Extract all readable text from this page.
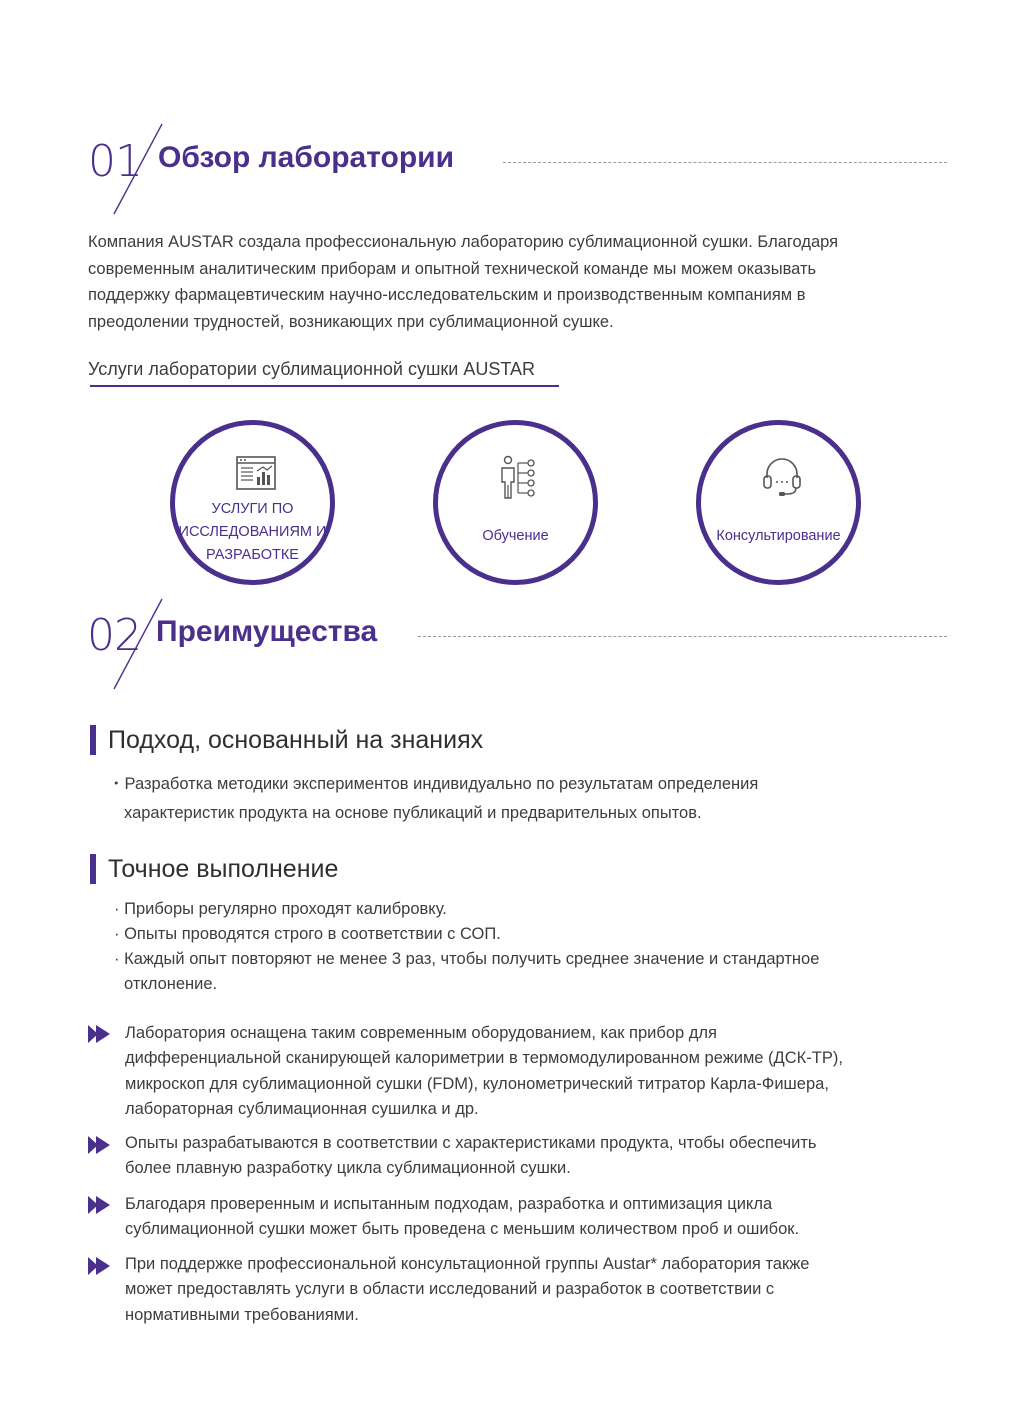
01 Обзор лаборатории
Компания AUSTAR создала профессиональную лабораторию сублимационной сушки. Благодаря
современным аналитическим приборам и опытной технической команде мы можем оказывать
поддержку фармацевтическим научно-исследовательским и производственным компаниям в
преодолении трудностей, возникающих при сублимационной сушке.
Услуги лаборатории сублимационной сушки AUSTAR
УСЛУГИ ПО
ИССЛЕДОВАНИЯМ И
РАЗРАБОТКЕ
Обучение	Консультирование
02 Преимущества
Подход, основанный на знаниях
・Разработка методики экспериментов индивидуально по результатам определения
характеристик продукта на основе публикаций и предварительных опытов.
Точное выполнение
· Приборы регулярно проходят калибровку.
· Опыты проводятся строго в соответствии с СОП.
· Каждый опыт повторяют не менее 3 раз, чтобы получить среднее значение и стандартное
отклонение.
Лаборатория оснащена таким современным оборудованием, как прибор для
дифференциальной сканирующей калориметрии в термомодулированном режиме (ДСК-ТР),
микроскоп для сублимационной сушки (FDM), кулонометрический титратор Карла-Фишера,
лабораторная сублимационная сушилка и др.
Опыты разрабатываются в соответствии с характеристиками продукта, чтобы обеспечить
более плавную разработку цикла сублимационной сушки.
Благодаря проверенным и испытанным подходам, разработка и оптимизация цикла
сублимационной сушки может быть проведена с меньшим количеством проб и ошибок.
При поддержке профессиональной консультационной группы Austar* лаборатория также
может предоставлять услуги в области исследований и разработок в соответствии с
нормативными требованиями.
